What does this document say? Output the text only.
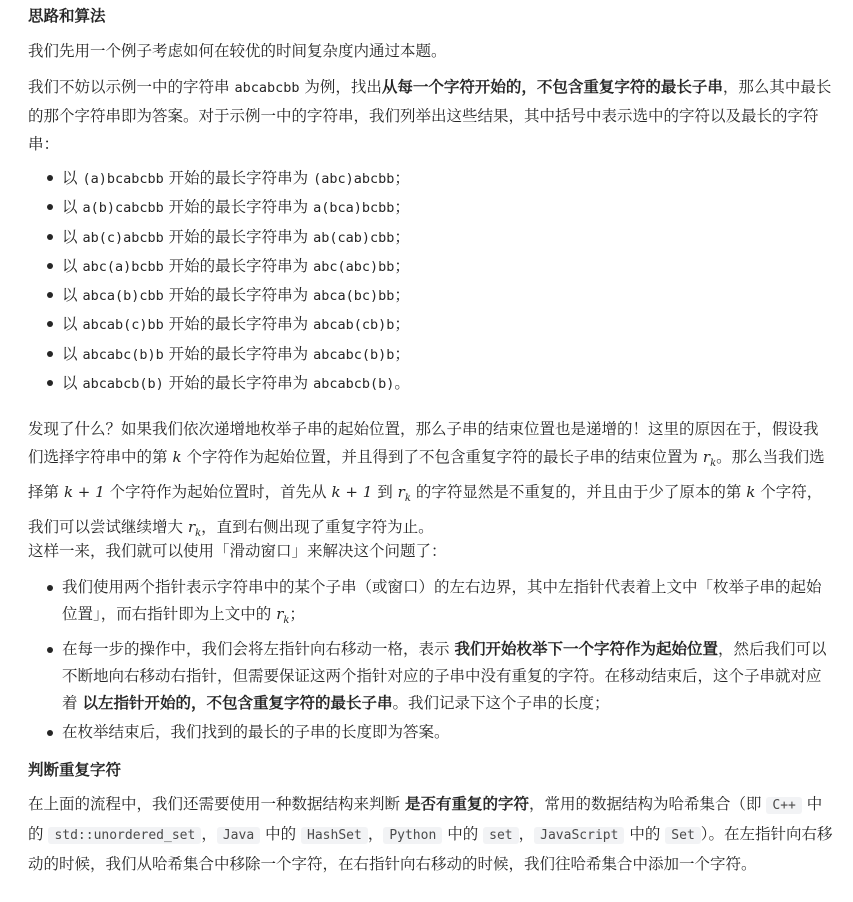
思路和算法

我们先用一个例子考虑如何在较优的时间复杂度内通过本题。

我们不妨以示例一中的字符串 abcabcbb 为例，找出从每一个字符开始的，不包含重复字符的最长子串，那么其中最长的那个字符串即为答案。对于示例一中的字符串，我们列举出这些结果，其中括号中表示选中的字符以及最长的字符串：

以 (a)bcabcbb 开始的最长字符串为 (abc)abcbb；
以 a(b)cabcbb 开始的最长字符串为 a(bca)bcbb；
以 ab(c)abcbb 开始的最长字符串为 ab(cab)cbb；
以 abc(a)bcbb 开始的最长字符串为 abc(abc)bb；
以 abca(b)cbb 开始的最长字符串为 abca(bc)bb；
以 abcab(c)bb 开始的最长字符串为 abcab(cb)b；
以 abcabc(b)b 开始的最长字符串为 abcabc(b)b；
以 abcabcb(b) 开始的最长字符串为 abcabcb(b)。

发现了什么？如果我们依次递增地枚举子串的起始位置，那么子串的结束位置也是递增的！这里的原因在于，假设我们选择字符串中的第 k 个字符作为起始位置，并且得到了不包含重复字符的最长子串的结束位置为 $r_k$。那么当我们选择第 k + 1 个字符作为起始位置时，首先从 k + 1 到 $r_k$ 的字符显然是不重复的，并且由于少了原本的第 k 个字符，我们可以尝试继续增大 $r_k$，直到右侧出现了重复字符为止。

这样一来，我们就可以使用「滑动窗口」来解决这个问题了：

我们使用两个指针表示字符串中的某个子串（或窗口）的左右边界，其中左指针代表着上文中「枚举子串的起始位置」，而右指针即为上文中的 $r_k$；
在每一步的操作中，我们会将左指针向右移动一格，表示 我们开始枚举下一个字符作为起始位置，然后我们可以不断地向右移动右指针，但需要保证这两个指针对应的子串中没有重复的字符。在移动结束后，这个子串就对应着 以左指针开始的，不包含重复字符的最长子串。我们记录下这个子串的长度；
在枚举结束后，我们找到的最长的子串的长度即为答案。
判断重复字符

在上面的流程中，我们还需要使用一种数据结构来判断 是否有重复的字符，常用的数据结构为哈希集合（即 C++ 中的 std::unordered_set ， Java 中的 HashSet ， Python 中的 set ， JavaScript 中的 Set ）。在左指针向右移动的时候，我们从哈希集合中移除一个字符，在右指针向右移动的时候，我们往哈希集合中添加一个字符。
